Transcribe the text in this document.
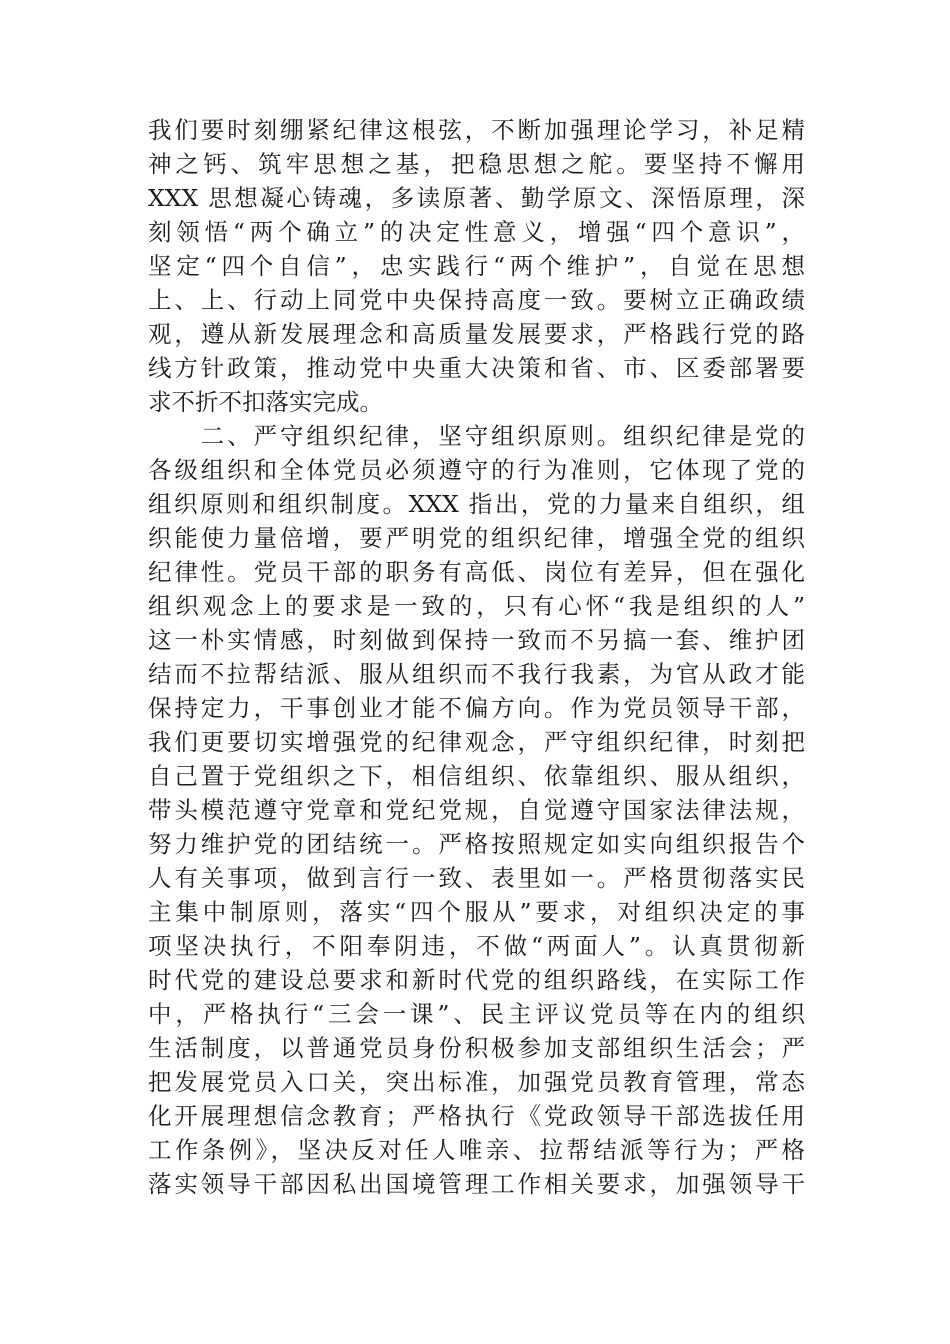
我们要时刻绷紧纪律这根弦，不断加强理论学习，补足精
神之钙、筑牢思想之基，把稳思想之舵。要坚持不懈用
XXX 思想凝心铸魂，多读原著、勤学原文、深悟原理，深
刻领悟“两个确立”的决定性意义，增强“四个意识”，
坚定“四个自信”，忠实践行“两个维护”，自觉在思想
上、上、行动上同党中央保持高度一致。要树立正确政绩
观，遵从新发展理念和高质量发展要求，严格践行党的路
线方针政策，推动党中央重大决策和省、市、区委部署要
求不折不扣落实完成。
　　二、严守组织纪律，坚守组织原则。组织纪律是党的
各级组织和全体党员必须遵守的行为准则，它体现了党的
组织原则和组织制度。XXX 指出，党的力量来自组织，组
织能使力量倍增，要严明党的组织纪律，增强全党的组织
纪律性。党员干部的职务有高低、岗位有差异，但在强化
组织观念上的要求是一致的，只有心怀“我是组织的人”
这一朴实情感，时刻做到保持一致而不另搞一套、维护团
结而不拉帮结派、服从组织而不我行我素，为官从政才能
保持定力，干事创业才能不偏方向。作为党员领导干部，
我们更要切实增强党的纪律观念，严守组织纪律，时刻把
自己置于党组织之下，相信组织、依靠组织、服从组织，
带头模范遵守党章和党纪党规，自觉遵守国家法律法规，
努力维护党的团结统一。严格按照规定如实向组织报告个
人有关事项，做到言行一致、表里如一。严格贯彻落实民
主集中制原则，落实“四个服从”要求，对组织决定的事
项坚决执行，不阳奉阴违，不做“两面人”。认真贯彻新
时代党的建设总要求和新时代党的组织路线，在实际工作
中，严格执行“三会一课”、民主评议党员等在内的组织
生活制度，以普通党员身份积极参加支部组织生活会；严
把发展党员入口关，突出标准，加强党员教育管理，常态
化开展理想信念教育；严格执行《党政领导干部选拔任用
工作条例》，坚决反对任人唯亲、拉帮结派等行为；严格
落实领导干部因私出国境管理工作相关要求，加强领导干
